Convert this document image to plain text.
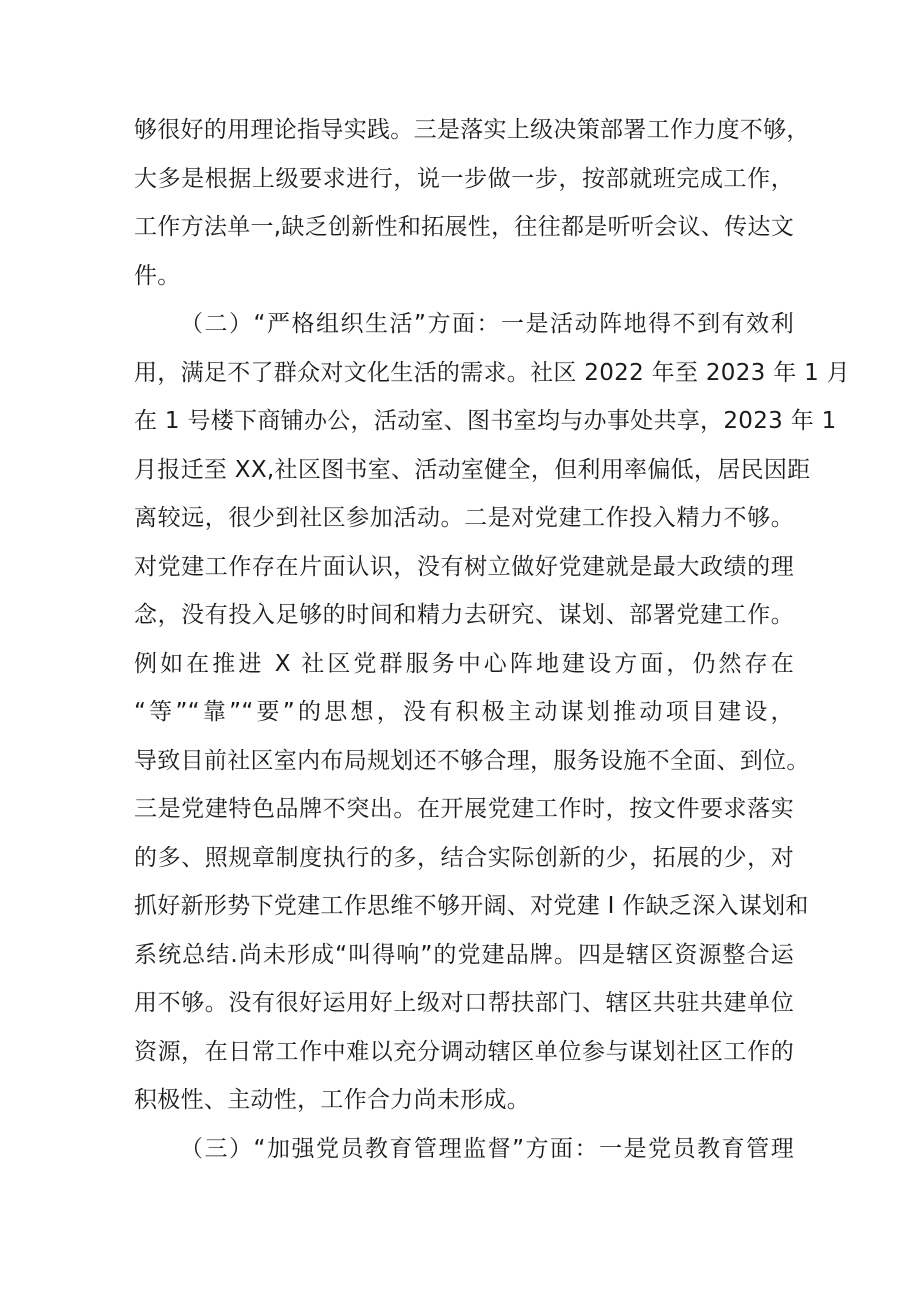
够很好的用理论指导实践。三是落实上级决策部署工作力度不够，
大多是根据上级要求进行，说一步做一步，按部就班完成工作，
工作方法单一,缺乏创新性和拓展性，往往都是听听会议、传达文
件。
（二）“严格组织生活”方面：一是活动阵地得不到有效利
用，满足不了群众对文化生活的需求。社区 2022 年至 2023 年 1 月
在 1 号楼下商铺办公，活动室、图书室均与办事处共享，2023 年 1
月报迁至 XX,社区图书室、活动室健全，但利用率偏低，居民因距
离较远，很少到社区参加活动。二是对党建工作投入精力不够。
对党建工作存在片面认识，没有树立做好党建就是最大政绩的理
念，没有投入足够的时间和精力去研究、谋划、部署党建工作。
例如在推进 X 社区党群服务中心阵地建设方面，仍然存在
“等”“靠”“要”的思想，没有积极主动谋划推动项目建设，
导致目前社区室内布局规划还不够合理，服务设施不全面、到位。
三是党建特色品牌不突出。在开展党建工作时，按文件要求落实
的多、照规章制度执行的多，结合实际创新的少，拓展的少，对
抓好新形势下党建工作思维不够开阔、对党建 I 作缺乏深入谋划和
系统总结.尚未形成“叫得响”的党建品牌。四是辖区资源整合运
用不够。没有很好运用好上级对口帮扶部门、辖区共驻共建单位
资源，在日常工作中难以充分调动辖区单位参与谋划社区工作的
积极性、主动性，工作合力尚未形成。
（三）“加强党员教育管理监督”方面：一是党员教育管理
